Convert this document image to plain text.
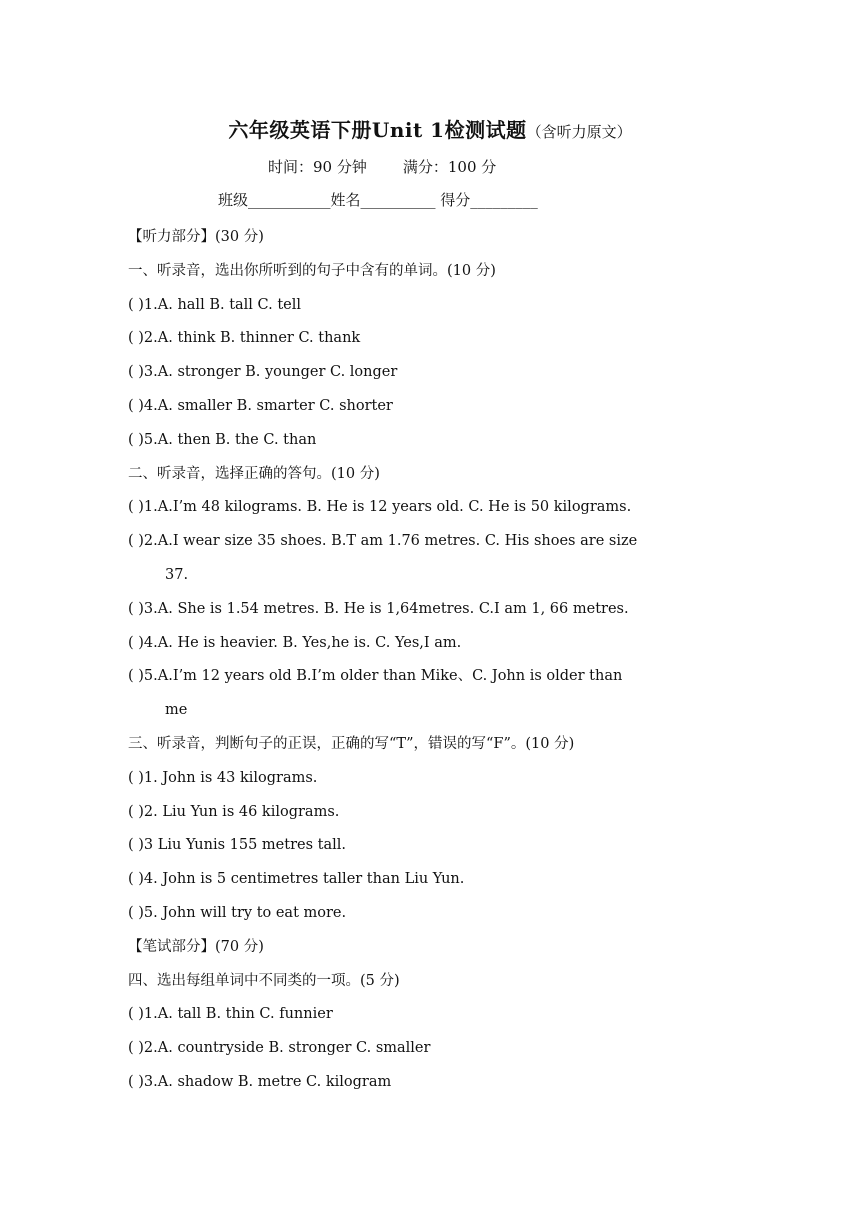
六年级英语下册Unit 1检测试题（含听力原文）
时间：90 分钟 满分：100 分
班级___________姓名__________ 得分_________
【听力部分】(30 分)
一、听录音，选出你所听到的句子中含有的单词。(10 分)
( )1.A. hall B. tall C. tell
( )2.A. think B. thinner C. thank
( )3.A. stronger B. younger C. longer
( )4.A. smaller B. smarter C. shorter
( )5.A. then B. the C. than
二、听录音，选择正确的答句。(10 分)
( )1.A.I’m 48 kilograms. B. He is 12 years old. C. He is 50 kilograms.
( )2.A.I wear size 35 shoes. B.T am 1.76 metres. C. His shoes are size
37.
( )3.A. She is 1.54 metres. B. He is 1,64metres. C.I am 1, 66 metres.
( )4.A. He is heavier. B. Yes,he is. C. Yes,I am.
( )5.A.I’m 12 years old B.I’m older than Mike、C. John is older than
me
三、听录音，判断句子的正误，正确的写“T”，错误的写“F”。(10 分)
( )1. John is 43 kilograms.
( )2. Liu Yun is 46 kilograms.
( )3 Liu Yunis 155 metres tall.
( )4. John is 5 centimetres taller than Liu Yun.
( )5. John will try to eat more.
【笔试部分】(70 分)
四、选出每组单词中不同类的一项。(5 分)
( )1.A. tall B. thin C. funnier
( )2.A. countryside B. stronger C. smaller
( )3.A. shadow B. metre C. kilogram
